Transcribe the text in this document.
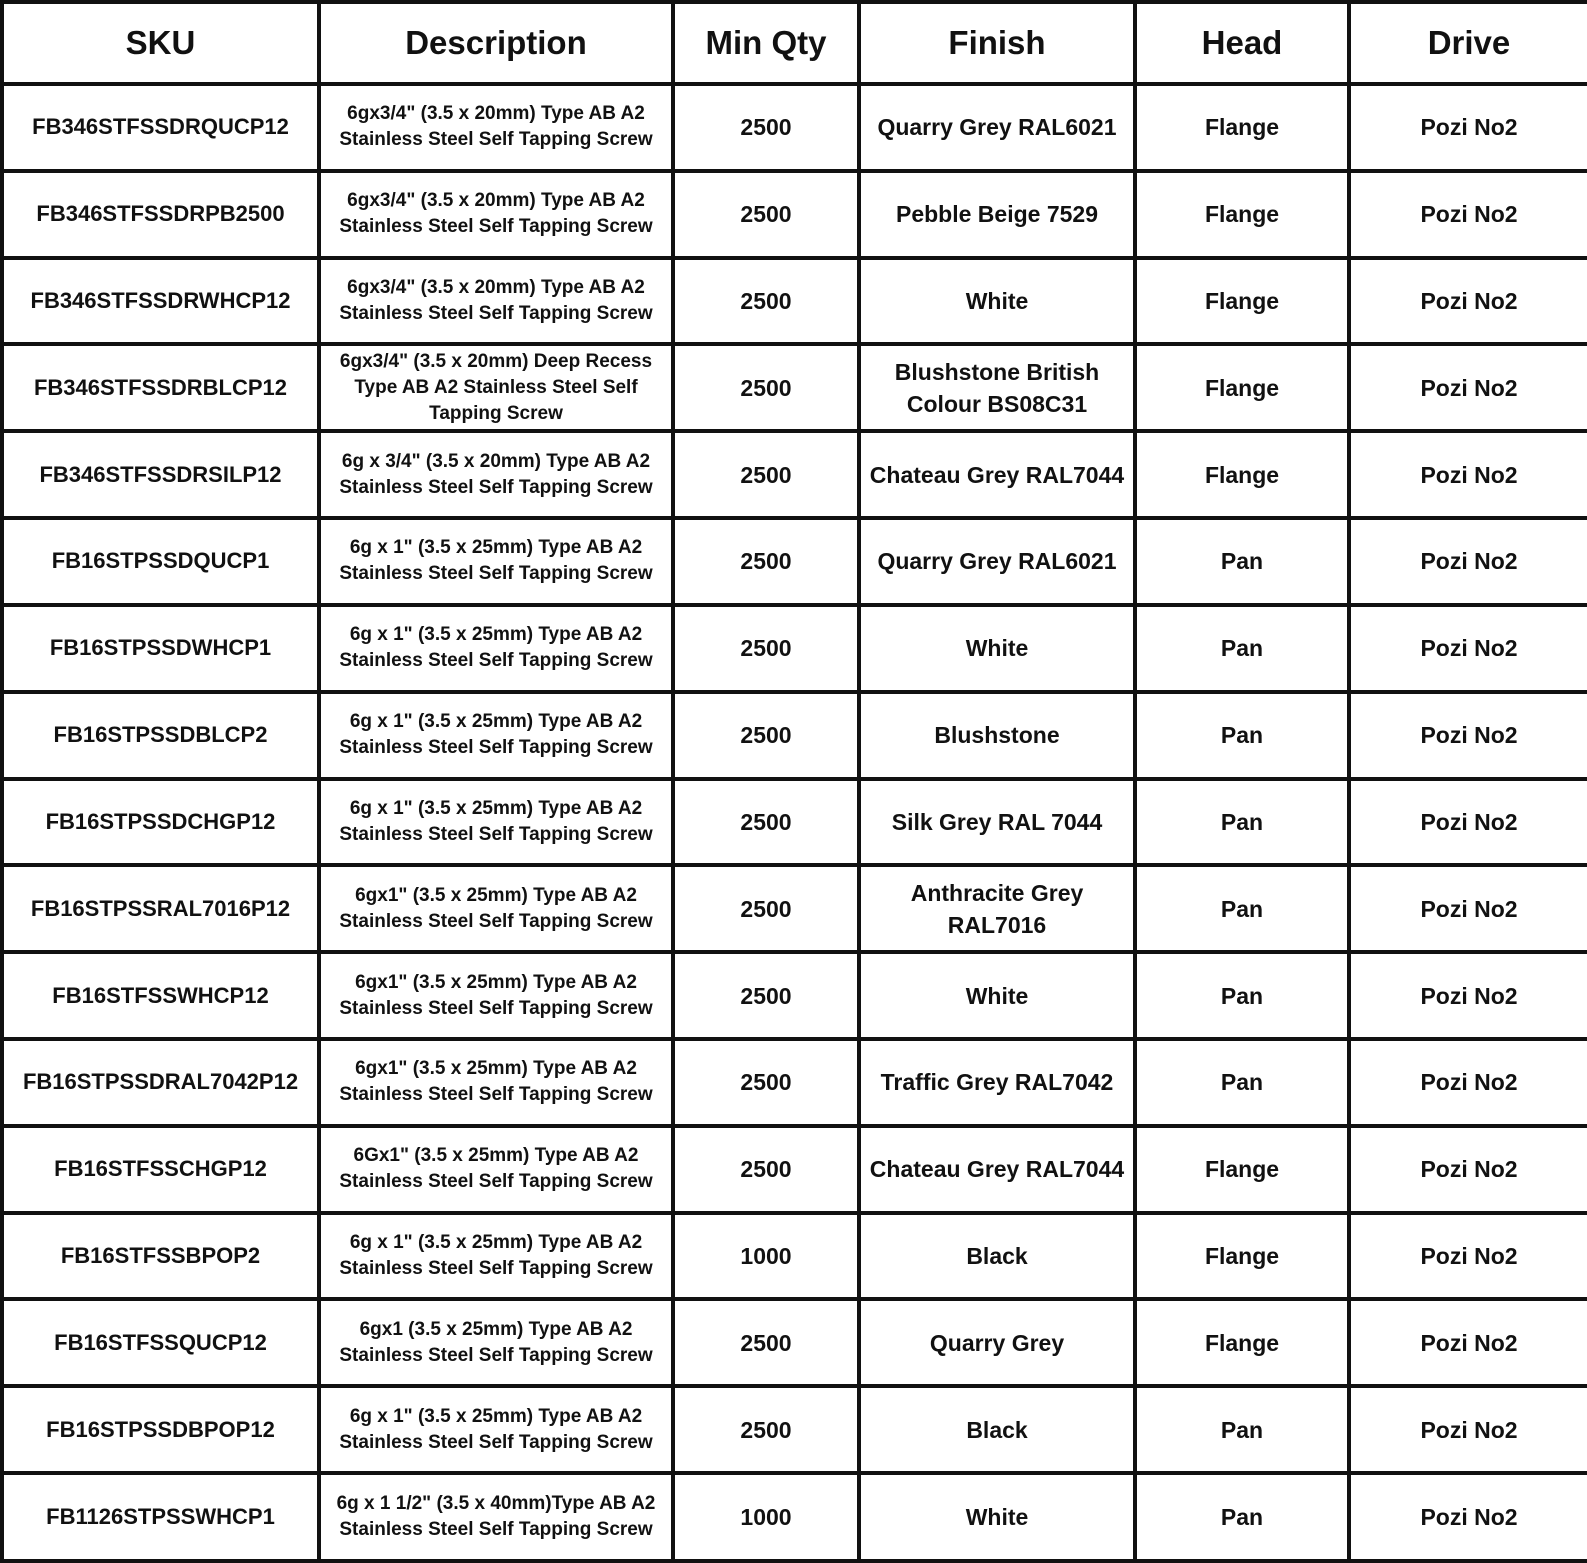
SKU	Description	Min Qty	Finish	Head	Drive
FB346STFSSDRQUCP12	6gx3/4" (3.5 x 20mm) Type AB A2 Stainless Steel Self Tapping Screw	2500	Quarry Grey RAL6021	Flange	Pozi No2
FB346STFSSDRPB2500	6gx3/4" (3.5 x 20mm) Type AB A2 Stainless Steel Self Tapping Screw	2500	Pebble Beige 7529	Flange	Pozi No2
FB346STFSSDRWHCP12	6gx3/4" (3.5 x 20mm) Type AB A2 Stainless Steel Self Tapping Screw	2500	White	Flange	Pozi No2
FB346STFSSDRBLCP12	6gx3/4" (3.5 x 20mm) Deep Recess Type AB A2 Stainless Steel Self Tapping Screw	2500	Blushstone British Colour BS08C31	Flange	Pozi No2
FB346STFSSDRSILP12	6g x 3/4" (3.5 x 20mm) Type AB A2 Stainless Steel Self Tapping Screw	2500	Chateau Grey RAL7044	Flange	Pozi No2
FB16STPSSDQUCP1	6g x 1" (3.5 x 25mm) Type AB A2 Stainless Steel Self Tapping Screw	2500	Quarry Grey RAL6021	Pan	Pozi No2
FB16STPSSDWHCP1	6g x 1" (3.5 x 25mm) Type AB A2 Stainless Steel Self Tapping Screw	2500	White	Pan	Pozi No2
FB16STPSSDBLCP2	6g x 1" (3.5 x 25mm) Type AB A2 Stainless Steel Self Tapping Screw	2500	Blushstone	Pan	Pozi No2
FB16STPSSDCHGP12	6g x 1" (3.5 x 25mm) Type AB A2 Stainless Steel Self Tapping Screw	2500	Silk Grey RAL 7044	Pan	Pozi No2
FB16STPSSRAL7016P12	6gx1" (3.5 x 25mm) Type AB A2 Stainless Steel Self Tapping Screw	2500	Anthracite Grey RAL7016	Pan	Pozi No2
FB16STFSSWHCP12	6gx1" (3.5 x 25mm) Type AB A2 Stainless Steel Self Tapping Screw	2500	White	Pan	Pozi No2
FB16STPSSDRAL7042P12	6gx1" (3.5 x 25mm) Type AB A2 Stainless Steel Self Tapping Screw	2500	Traffic Grey RAL7042	Pan	Pozi No2
FB16STFSSCHGP12	6Gx1" (3.5 x 25mm) Type AB A2 Stainless Steel Self Tapping Screw	2500	Chateau Grey RAL7044	Flange	Pozi No2
FB16STFSSBPOP2	6g x 1" (3.5 x 25mm) Type AB A2 Stainless Steel Self Tapping Screw	1000	Black	Flange	Pozi No2
FB16STFSSQUCP12	6gx1 (3.5 x 25mm) Type AB A2 Stainless Steel Self Tapping Screw	2500	Quarry Grey	Flange	Pozi No2
FB16STPSSDBPOP12	6g x 1" (3.5 x 25mm) Type AB A2 Stainless Steel Self Tapping Screw	2500	Black	Pan	Pozi No2
FB1126STPSSWHCP1	6g x 1 1/2" (3.5 x 40mm)Type AB A2 Stainless Steel Self Tapping Screw	1000	White	Pan	Pozi No2
